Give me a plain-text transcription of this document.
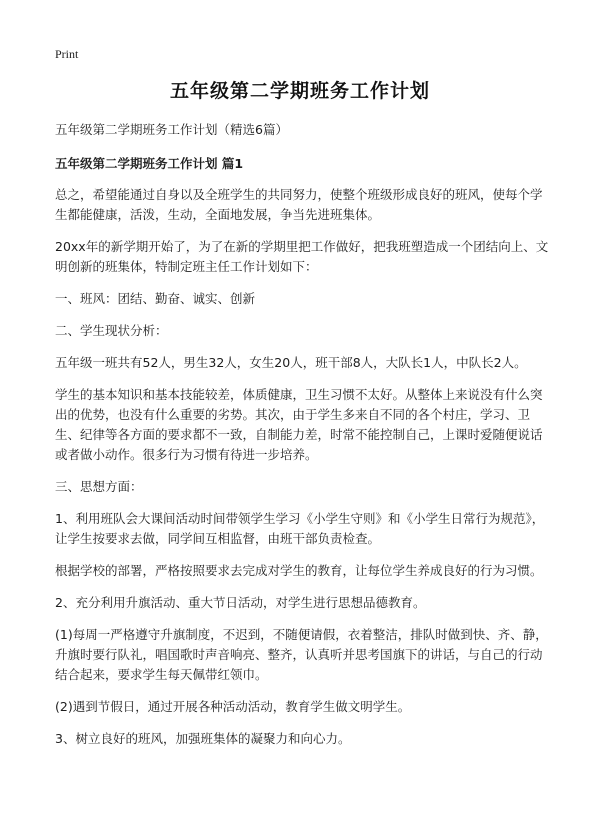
Print
五年级第二学期班务工作计划

五年级第二学期班务工作计划（精选6篇）

五年级第二学期班务工作计划 篇1

总之，希望能通过自身以及全班学生的共同努力，使整个班级形成良好的班风，使每个学生都能健康，活泼，生动，全面地发展，争当先进班集体。

20xx年的新学期开始了，为了在新的学期里把工作做好，把我班塑造成一个团结向上、文明创新的班集体，特制定班主任工作计划如下：

一、班风：团结、勤奋、诚实、创新

二、学生现状分析：

五年级一班共有52人，男生32人，女生20人，班干部8人，大队长1人，中队长2人。

学生的基本知识和基本技能较差，体质健康，卫生习惯不太好。从整体上来说没有什么突出的优势，也没有什么重要的劣势。其次，由于学生多来自不同的各个村庄，学习、卫生、纪律等各方面的要求都不一致，自制能力差，时常不能控制自己，上课时爱随便说话或者做小动作。很多行为习惯有待进一步培养。

三、思想方面：

1、利用班队会大课间活动时间带领学生学习《小学生守则》和《小学生日常行为规范》，让学生按要求去做，同学间互相监督，由班干部负责检查。

根据学校的部署，严格按照要求去完成对学生的教育，让每位学生养成良好的行为习惯。

2、充分利用升旗活动、重大节日活动，对学生进行思想品德教育。

(1)每周一严格遵守升旗制度，不迟到，不随便请假，衣着整洁，排队时做到快、齐、静，升旗时要行队礼，唱国歌时声音响亮、整齐，认真听并思考国旗下的讲话，与自己的行动结合起来，要求学生每天佩带红领巾。

(2)遇到节假日，通过开展各种活动活动，教育学生做文明学生。

3、树立良好的班风，加强班集体的凝聚力和向心力。
